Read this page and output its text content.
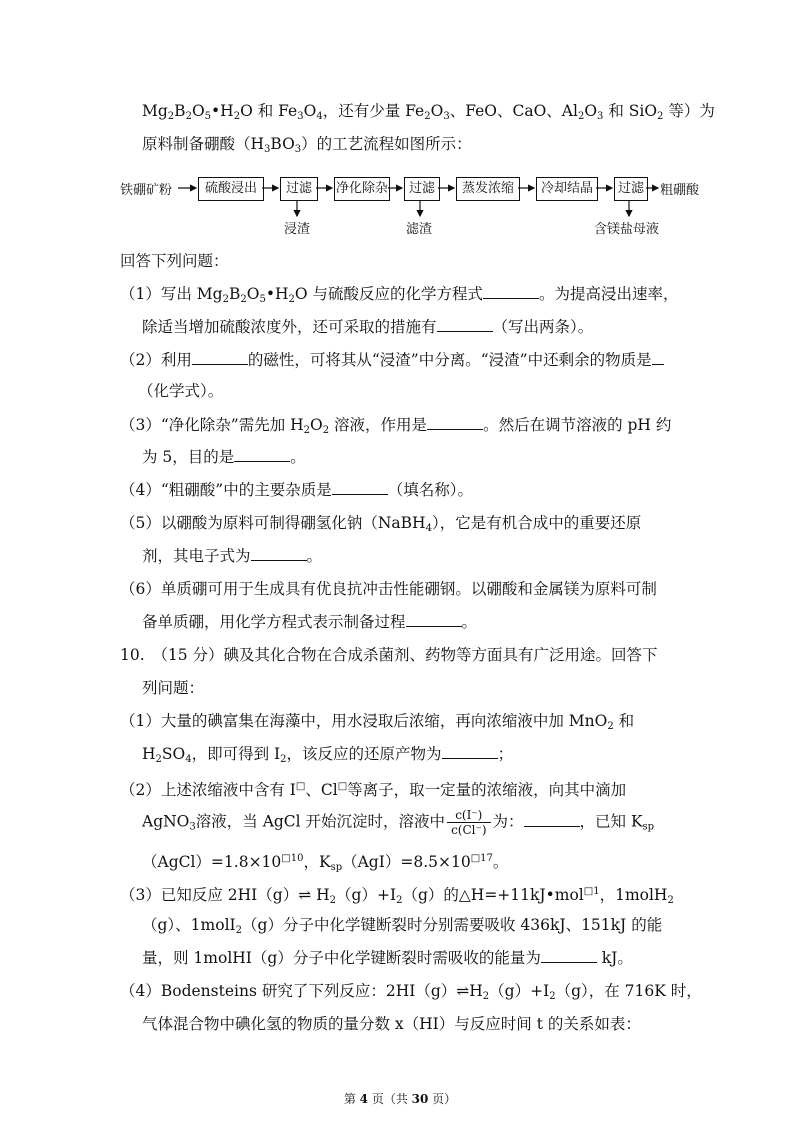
$Mg_2B_2O_5•H_2O$ 和 $Fe_3O_4$，还有少量 $Fe_2O_3$、FeO、CaO、$Al_2O_3$ 和 SiO$_2$ 等）为
原料制备硼酸$(H_3BO_3)$的工艺流程如图所示：
铁硼矿粉	硫酸浸出	过滤	净化除杂	过滤	蒸发浓缩	冷却结晶	过滤	粗硼酸
浸渣	滤渣	含镁盐母液
回答下列问题：
（1）写出 $Mg_2B_2O_5•H_2O$ 与硫酸反应的化学方程式	。为提高浸出速率，
除适当增加硫酸浓度外，还可采取的措施有	（写出两条）。
（2）利用	的磁性，可将其从“浸渣”中分离。“浸渣”中还剩余的物质是
（化学式）。
（3）“净化除杂”需先加 $H_2O_2$ 溶液，作用是	。然后在调节溶液的 pH 约
为 5，目的是	。
（4）“粗硼酸”中的主要杂质是	（填名称）。
（5）以硼酸为原料可制得硼氢化钠（NaBH$_4$），它是有机合成中的重要还原
剂，其电子式为	。
（6）单质硼可用于生成具有优良抗冲击性能硼钢。以硼酸和金属镁为原料可制
备单质硼，用化学方程式表示制备过程	。
10.　（15 分）碘及其化合物在合成杀菌剂、药物等方面具有广泛用途。回答下
列问题：
（1）大量的碘富集在海藻中，用水浸取后浓缩，再向浓缩液中加 MnO$_2$ 和
$H_2SO_4$，即可得到 $I_2$，该反应的还原产物为	；
（2）上述浓缩液中含有 I□、Cl□等离子，取一定量的浓缩液，向其中滴加
AgNO$_3$溶液，当 AgCl 开始沉淀时，溶液中 $\frac{c(I^-)}{c(Cl^-)}$ 为：	，已知 $K_{sp}$
$(AgCl)=1.8\times 10^{□10}$，$K_{sp}(AgI)=8.5\times 10^{□17}$。
（3）已知反应 2HI（g）⇌ $H_2(g)+I_2(g)$的△H=+11kJ•mol$^{□1}$，1molH$_2$
（g）、1molI$_2$（g）分子中化学键断裂时分别需要吸收 436kJ、151kJ 的能
量，则 1molHI（g）分子中化学键断裂时需吸收的能量为	kJ。
（4）Bodensteins 研究了下列反应：$2HI(g)\rightleftharpoons H_2(g)+I_2(g)$，在 716K 时，
气体混合物中碘化氢的物质的量分数 x（HI）与反应时间 t 的关系如表：
第 4 页（共 30 页）
